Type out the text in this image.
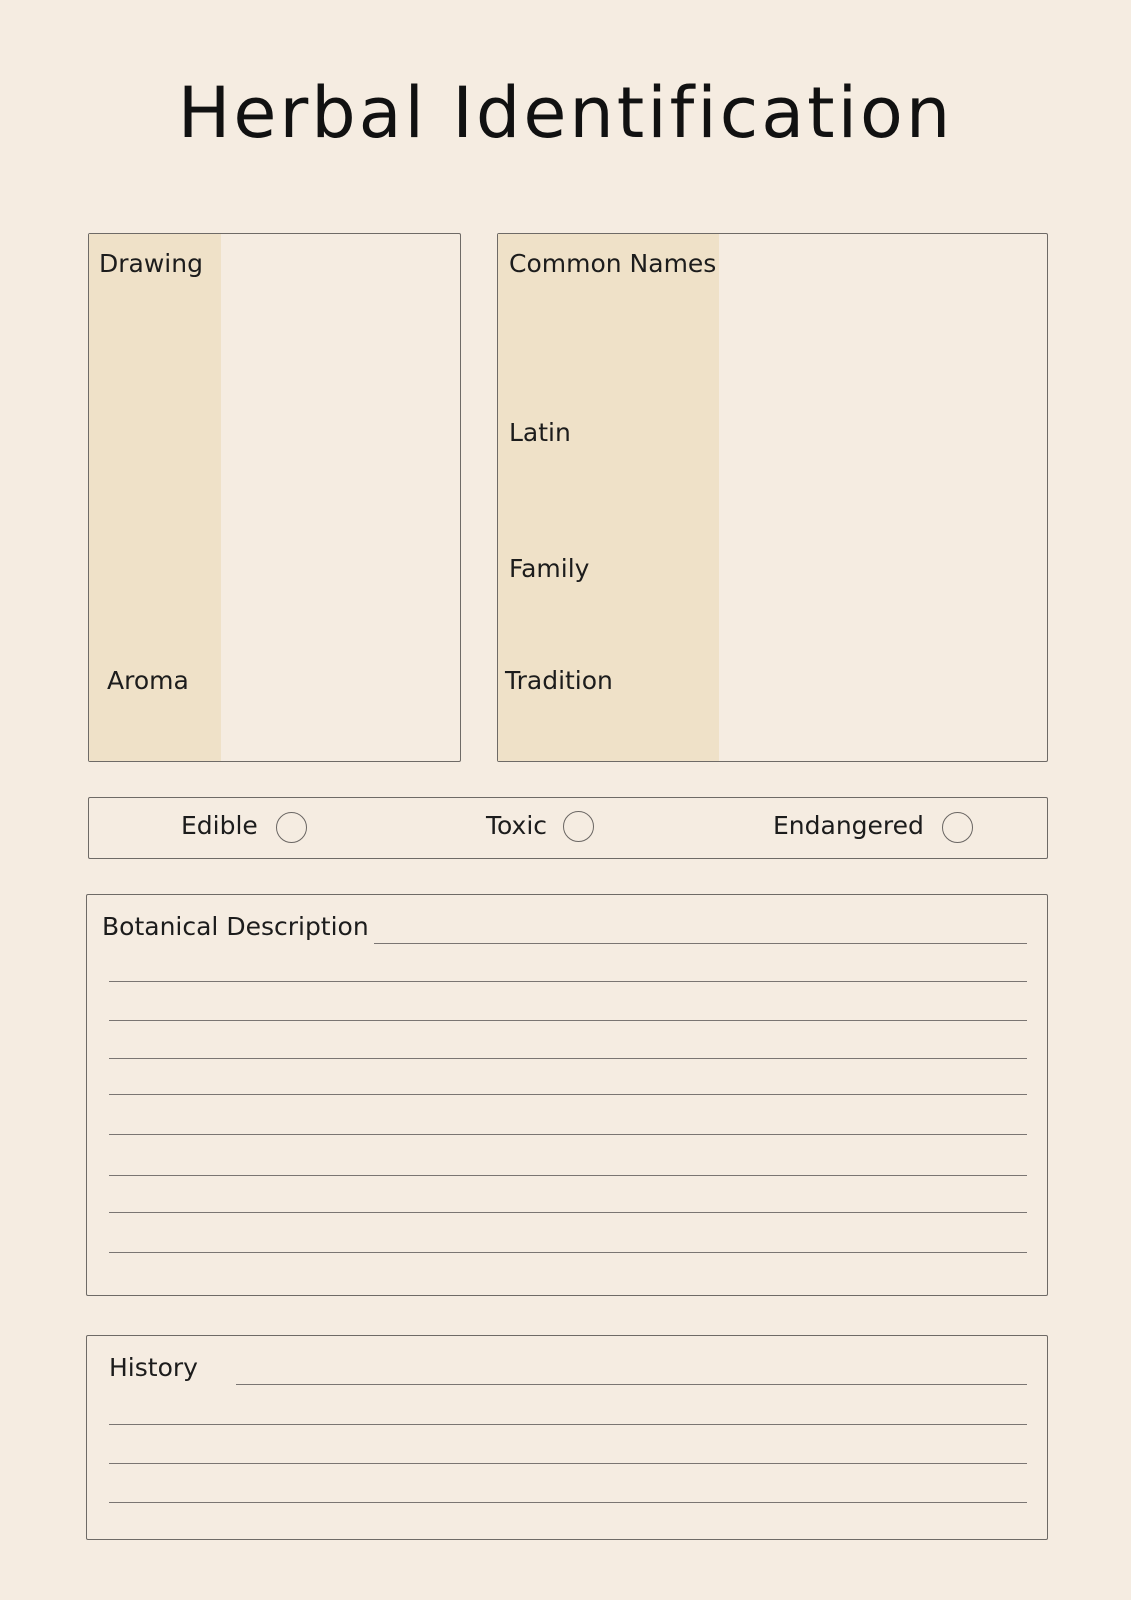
Herbal Identification
Drawing
Aroma
Common Names
Latin
Family
Tradition
Edible	Toxic	Endangered
Botanical Description
History
